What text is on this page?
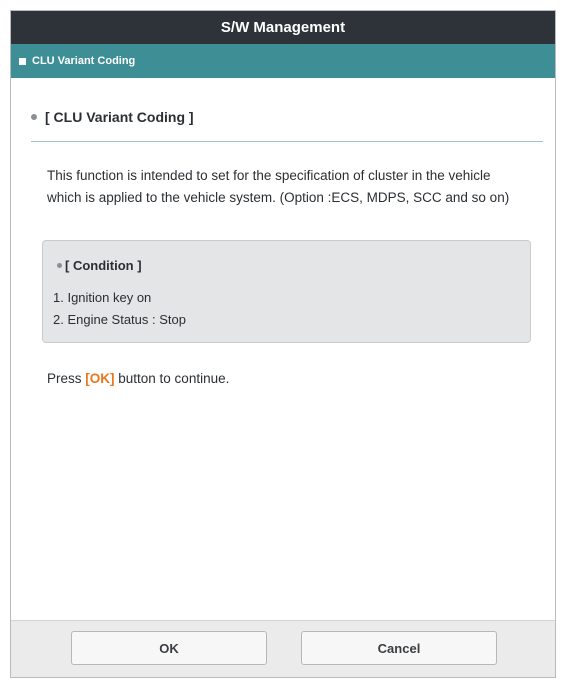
S/W Management
CLU Variant Coding
[ CLU Variant Coding ]
This function is intended to set for the specification of cluster in the vehicle
which is applied to the vehicle system. (Option :ECS, MDPS, SCC and so on)
[ Condition ]
1. Ignition key on
2. Engine Status : Stop
Press [OK] button to continue.
OK	Cancel
